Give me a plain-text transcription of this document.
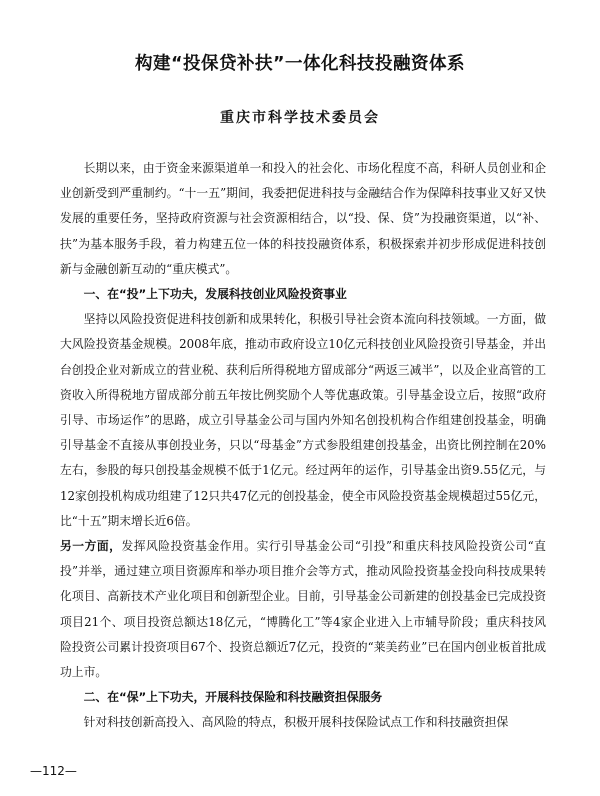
构建“投保贷补扶”一体化科技投融资体系
重庆市科学技术委员会

长期以来，由于资金来源渠道单一和投入的社会化、市场化程度不高，科研人员创业和企业创新受到严重制约。“十一五”期间，我委把促进科技与金融结合作为保障科技事业又好又快发展的重要任务，坚持政府资源与社会资源相结合，以“投、保、贷”为投融资渠道，以“补、扶”为基本服务手段，着力构建五位一体的科技投融资体系，积极探索并初步形成促进科技创新与金融创新互动的“重庆模式”。

一、在“投”上下功夫，发展科技创业风险投资事业

坚持以风险投资促进科技创新和成果转化，积极引导社会资本流向科技领域。一方面，做大风险投资基金规模。2008年底，推动市政府设立10亿元科技创业风险投资引导基金，并出台创投企业对新成立的营业税、获利后所得税地方留成部分“两返三减半”，以及企业高管的工资收入所得税地方留成部分前五年按比例奖励个人等优惠政策。引导基金设立后，按照“政府引导、市场运作”的思路，成立引导基金公司与国内外知名创投机构合作组建创投基金，明确引导基金不直接从事创投业务，只以“母基金”方式参股组建创投基金，出资比例控制在20%左右，参股的每只创投基金规模不低于1亿元。经过两年的运作，引导基金出资9.55亿元，与12家创投机构成功组建了12只共47亿元的创投基金，使全市风险投资基金规模超过55亿元，比“十五”期末增长近6倍。

另一方面，发挥风险投资基金作用。实行引导基金公司“引投”和重庆科技风险投资公司“直投”并举，通过建立项目资源库和举办项目推介会等方式，推动风险投资基金投向科技成果转化项目、高新技术产业化项目和创新型企业。目前，引导基金公司新建的创投基金已完成投资项目21个、项目投资总额达18亿元，“博腾化工”等4家企业进入上市辅导阶段；重庆科技风险投资公司累计投资项目67个、投资总额近7亿元，投资的“莱美药业”已在国内创业板首批成功上市。

二、在“保”上下功夫，开展科技保险和科技融资担保服务

针对科技创新高投入、高风险的特点，积极开展科技保险试点工作和科技融资担保

—112—
